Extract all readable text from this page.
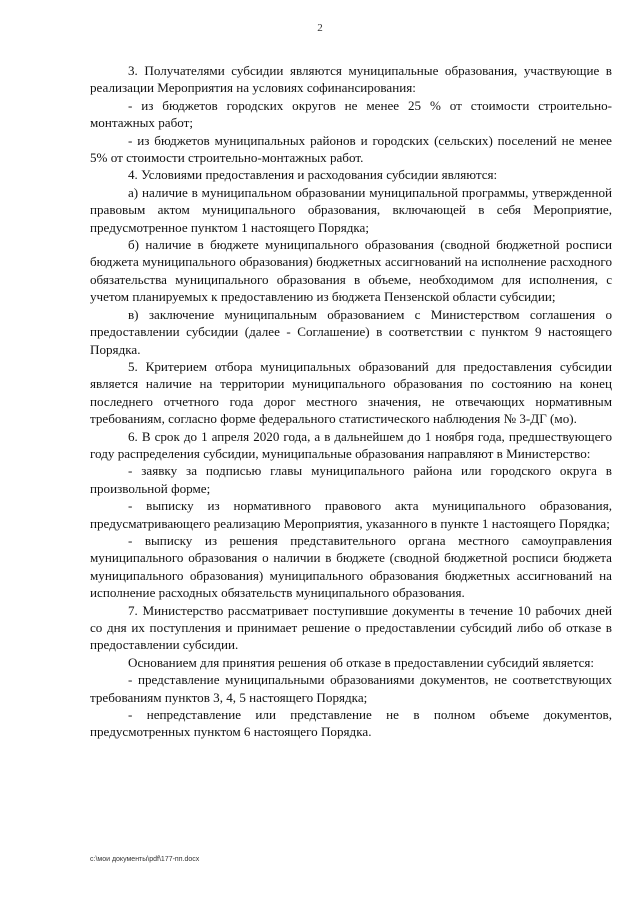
2

3. Получателями субсидии являются муниципальные образования, участвующие в реализации Мероприятия на условиях софинансирования:

- из бюджетов городских округов не менее 25 % от стоимости строительно-монтажных работ;

- из бюджетов муниципальных районов и городских (сельских) поселений не менее 5% от стоимости строительно-монтажных работ.

4. Условиями предоставления и расходования субсидии являются:

а) наличие в муниципальном образовании муниципальной программы, утвержденной правовым актом муниципального образования, включающей в себя Мероприятие, предусмотренное пунктом 1 настоящего Порядка;

б) наличие в бюджете муниципального образования (сводной бюджетной росписи бюджета муниципального образования) бюджетных ассигнований на исполнение расходного обязательства муниципального образования в объеме, необходимом для исполнения, с учетом планируемых к предоставлению из бюджета Пензенской области субсидии;

в) заключение муниципальным образованием с Министерством соглашения о предоставлении субсидии (далее - Соглашение) в соответствии с пунктом 9 настоящего Порядка.

5. Критерием отбора муниципальных образований для предоставления субсидии является наличие на территории муниципального образования по состоянию на конец последнего отчетного года дорог местного значения, не отвечающих нормативным требованиям, согласно форме федерального статистического наблюдения № 3-ДГ (мо).

6. В срок до 1 апреля 2020 года, а в дальнейшем до 1 ноября года, предшествующего году распределения субсидии, муниципальные образования направляют в Министерство:

- заявку за подписью главы муниципального района или городского округа в произвольной форме;

- выписку из нормативного правового акта муниципального образования, предусматривающего реализацию Мероприятия, указанного в пункте 1 настоящего Порядка;

- выписку из решения представительного органа местного самоуправления муниципального образования о наличии в бюджете (сводной бюджетной росписи бюджета муниципального образования) муниципального образования бюджетных ассигнований на исполнение расходных обязательств муниципального образования.

7. Министерство рассматривает поступившие документы в течение 10 рабочих дней со дня их поступления и принимает решение о предоставлении субсидий либо об отказе в предоставлении субсидии.

Основанием для принятия решения об отказе в предоставлении субсидий является:

- представление муниципальными образованиями документов, не соответствующих требованиям пунктов 3, 4, 5 настоящего Порядка;

- непредставление или представление не в полном объеме документов, предусмотренных пунктом 6 настоящего Порядка.

c:\мои документы\pdf\177-пп.docx
